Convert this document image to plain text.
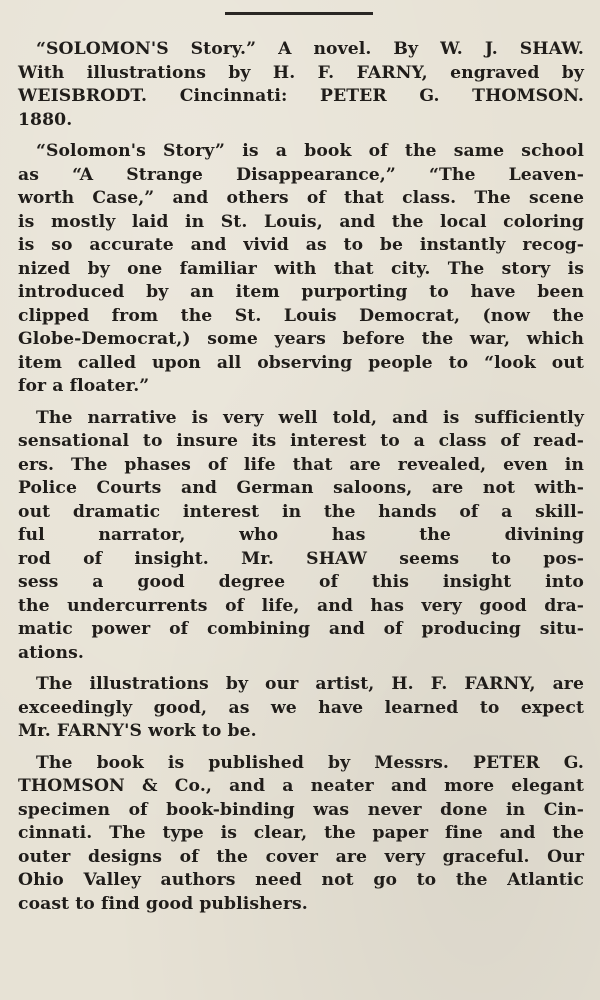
“SOLOMON'S Story.” A novel. By W. J. SHAW.
With illustrations by H. F. FARNY, engraved by
WEISBRODT. Cincinnati: PETER G. THOMSON.
1880.
“Solomon's Story” is a book of the same school
as “A Strange Disappearance,” “The Leaven-
worth Case,” and others of that class. The scene
is mostly laid in St. Louis, and the local coloring
is so accurate and vivid as to be instantly recog-
nized by one familiar with that city. The story is
introduced by an item purporting to have been
clipped from the St. Louis Democrat, (now the
Globe-Democrat,) some years before the war, which
item called upon all observing people to “look out
for a floater.”
The narrative is very well told, and is sufficiently
sensational to insure its interest to a class of read-
ers. The phases of life that are revealed, even in
Police Courts and German saloons, are not with-
out dramatic interest in the hands of a skill-
ful narrator, who has the divining
rod of insight. Mr. SHAW seems to pos-
sess a good degree of this insight into
the undercurrents of life, and has very good dra-
matic power of combining and of producing situ-
ations.
The illustrations by our artist, H. F. FARNY, are
exceedingly good, as we have learned to expect
Mr. FARNY'S work to be.
The book is published by Messrs. PETER G.
THOMSON & Co., and a neater and more elegant
specimen of book-binding was never done in Cin-
cinnati. The type is clear, the paper fine and the
outer designs of the cover are very graceful. Our
Ohio Valley authors need not go to the Atlantic
coast to find good publishers.
